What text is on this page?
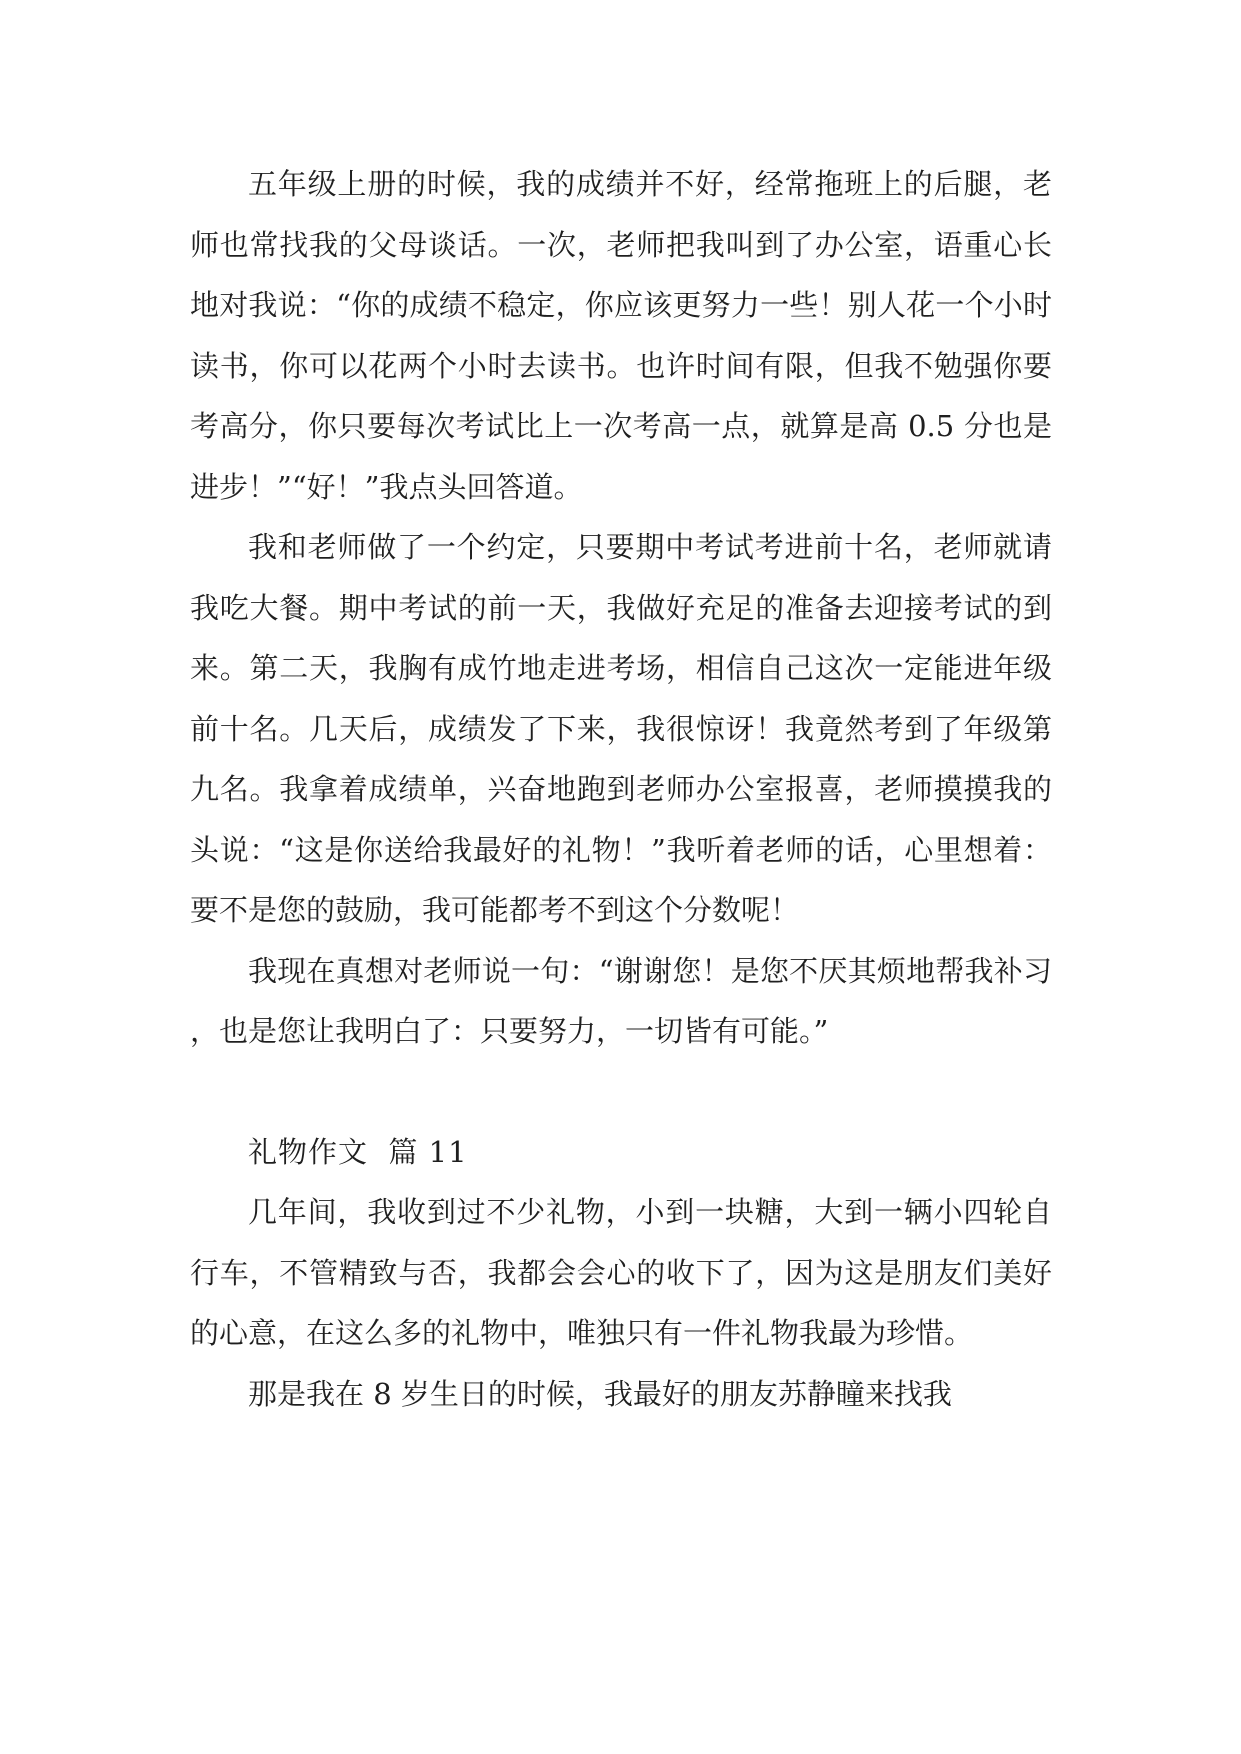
五年级上册的时候，我的成绩并不好，经常拖班上的后腿，老师也常找我的父母谈话。一次，老师把我叫到了办公室，语重心长地对我说：“你的成绩不稳定，你应该更努力一些！别人花一个小时读书，你可以花两个小时去读书。也许时间有限，但我不勉强你要考高分，你只要每次考试比上一次考高一点，就算是高 0.5 分也是进步！”“好！”我点头回答道。

我和老师做了一个约定，只要期中考试考进前十名，老师就请我吃大餐。期中考试的前一天，我做好充足的准备去迎接考试的到来。第二天，我胸有成竹地走进考场，相信自己这次一定能进年级前十名。几天后，成绩发了下来，我很惊讶！我竟然考到了年级第九名。我拿着成绩单，兴奋地跑到老师办公室报喜，老师摸摸我的头说：“这是你送给我最好的礼物！”我听着老师的话，心里想着：要不是您的鼓励，我可能都考不到这个分数呢！

我现在真想对老师说一句：“谢谢您！是您不厌其烦地帮我补习，也是您让我明白了：只要努力，一切皆有可能。”

礼物作文  篇 11

几年间，我收到过不少礼物，小到一块糖，大到一辆小四轮自行车，不管精致与否，我都会会心的收下了，因为这是朋友们美好的心意，在这么多的礼物中，唯独只有一件礼物我最为珍惜。

那是我在 8 岁生日的时候，我最好的朋友苏静瞳来找我
